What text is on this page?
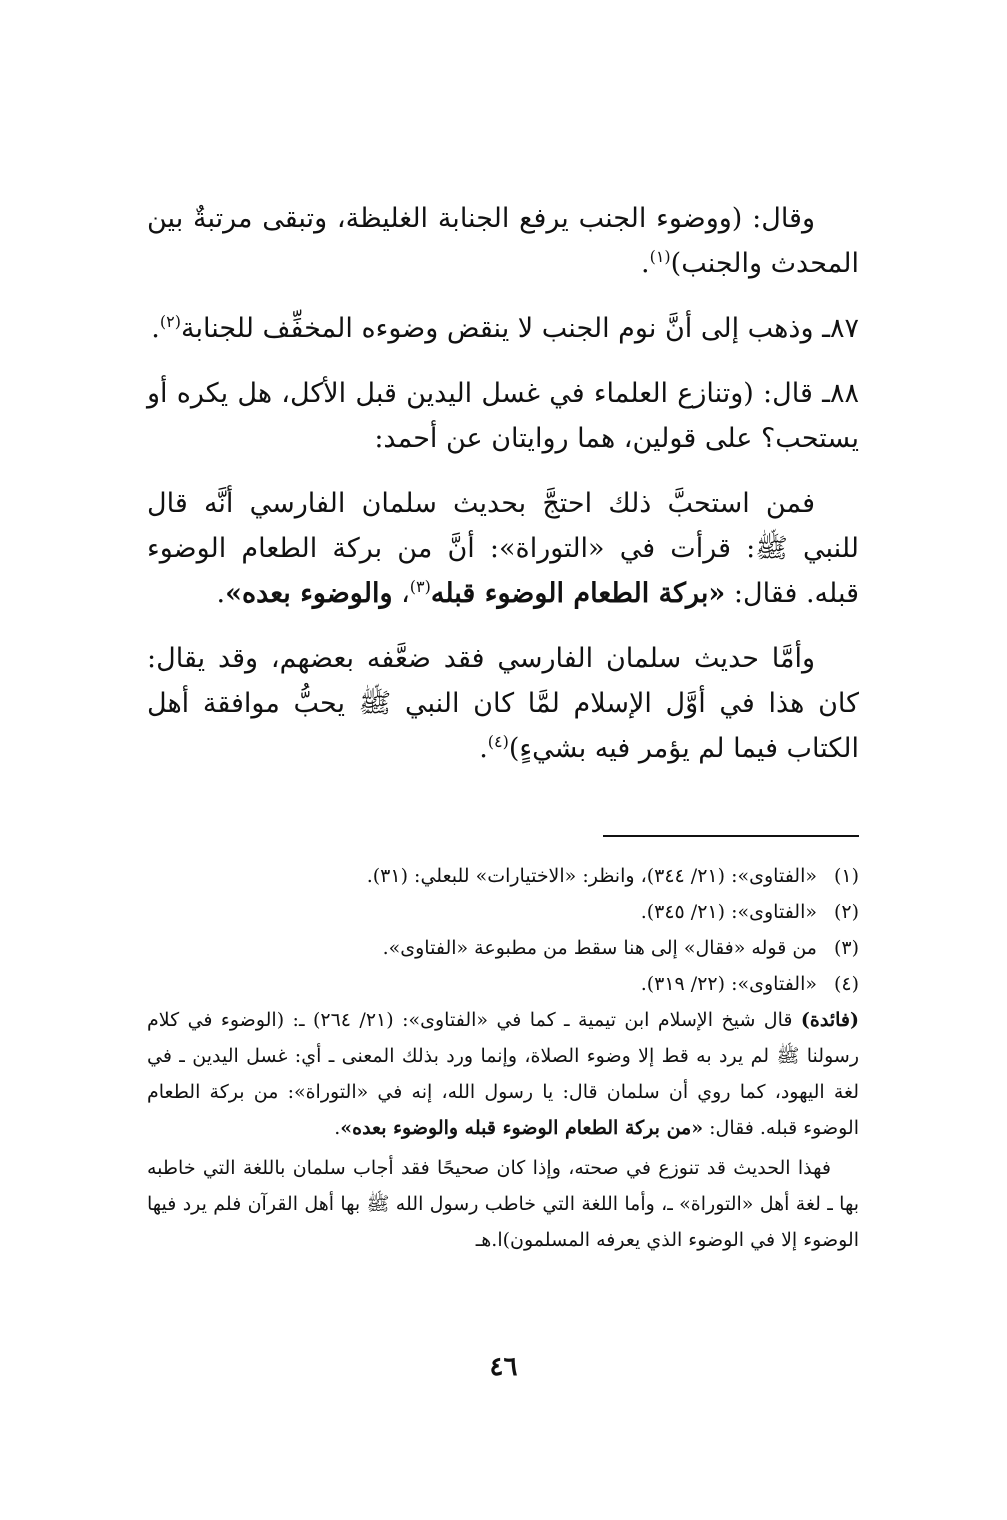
وقال: (ووضوء الجنب يرفع الجنابة الغليظة، وتبقى مرتبةٌ بين المحدث والجنب)$^{(١)}$.

٨٧ـ وذهب إلى أنَّ نوم الجنب لا ينقض وضوءه المخفِّف للجنابة$^{(٢)}$.

٨٨ـ قال: (وتنازع العلماء في غسل اليدين قبل الأكل، هل يكره أو يستحب؟ على قولين، هما روايتان عن أحمد:

فمن استحبَّ ذلك احتجَّ بحديث سلمان الفارسي أنَّه قال للنبي ﷺ: قرأت في «التوراة»: أنَّ من بركة الطعام الوضوء قبله. فقال: «بركة الطعام الوضوء قبله$^{(٣)}$، والوضوء بعده».

وأمَّا حديث سلمان الفارسي فقد ضعَّفه بعضهم، وقد يقال: كان هذا في أوَّل الإسلام لمَّا كان النبي ﷺ يحبُّ موافقة أهل الكتاب فيما لم يؤمر فيه بشيءٍ)$^{(٤)}$.

(١)
«الفتاوى»: (٢١/ ٣٤٤)، وانظر: «الاختيارات» للبعلي: (٣١).
(٢)
«الفتاوى»: (٢١/ ٣٤٥).
(٣)
من قوله «فقال» إلى هنا سقط من مطبوعة «الفتاوى».
(٤)
«الفتاوى»: (٢٢/ ٣١٩).

(فائدة) قال شيخ الإسلام ابن تيمية ـ كما في «الفتاوى»: (٢١/ ٢٦٤) ـ: (الوضوء في كلام رسولنا ﷺ لم يرد به قط إلا وضوء الصلاة، وإنما ورد بذلك المعنى ـ أي: غسل اليدين ـ في لغة اليهود، كما روي أن سلمان قال: يا رسول الله، إنه في «التوراة»: من بركة الطعام الوضوء قبله. فقال: «من بركة الطعام الوضوء قبله والوضوء بعده».

فهذا الحديث قد تنوزع في صحته، وإذا كان صحيحًا فقد أجاب سلمان باللغة التي خاطبه بها ـ لغة أهل «التوراة» ـ، وأما اللغة التي خاطب رسول الله ﷺ بها أهل القرآن فلم يرد فيها الوضوء إلا في الوضوء الذي يعرفه المسلمون)ا.هـ

٤٦
